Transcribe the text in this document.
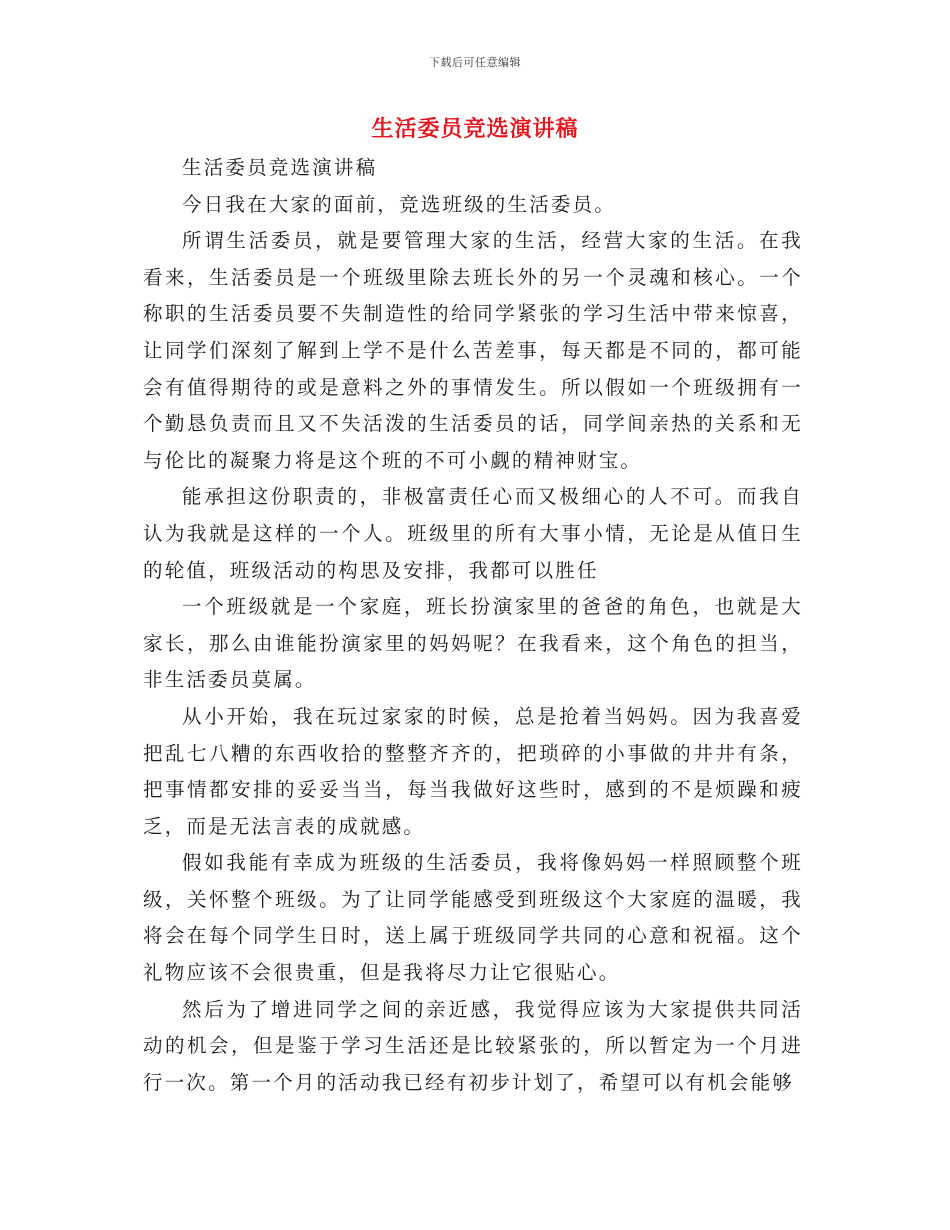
下载后可任意编辑
生活委员竞选演讲稿

生活委员竞选演讲稿

今日我在大家的面前，竞选班级的生活委员。

所谓生活委员，就是要管理大家的生活，经营大家的生活。在我看来，生活委员是一个班级里除去班长外的另一个灵魂和核心。一个称职的生活委员要不失制造性的给同学紧张的学习生活中带来惊喜，让同学们深刻了解到上学不是什么苦差事，每天都是不同的，都可能会有值得期待的或是意料之外的事情发生。所以假如一个班级拥有一个勤恳负责而且又不失活泼的生活委员的话，同学间亲热的关系和无与伦比的凝聚力将是这个班的不可小觑的精神财宝。

能承担这份职责的，非极富责任心而又极细心的人不可。而我自认为我就是这样的一个人。班级里的所有大事小情，无论是从值日生的轮值，班级活动的构思及安排，我都可以胜任

一个班级就是一个家庭，班长扮演家里的爸爸的角色，也就是大家长，那么由谁能扮演家里的妈妈呢？在我看来，这个角色的担当，非生活委员莫属。

从小开始，我在玩过家家的时候，总是抢着当妈妈。因为我喜爱把乱七八糟的东西收拾的整整齐齐的，把琐碎的小事做的井井有条，把事情都安排的妥妥当当，每当我做好这些时，感到的不是烦躁和疲乏，而是无法言表的成就感。

假如我能有幸成为班级的生活委员，我将像妈妈一样照顾整个班级，关怀整个班级。为了让同学能感受到班级这个大家庭的温暖，我将会在每个同学生日时，送上属于班级同学共同的心意和祝福。这个礼物应该不会很贵重，但是我将尽力让它很贴心。

然后为了增进同学之间的亲近感，我觉得应该为大家提供共同活动的机会，但是鉴于学习生活还是比较紧张的，所以暂定为一个月进行一次。第一个月的活动我已经有初步计划了，希望可以有机会能够
